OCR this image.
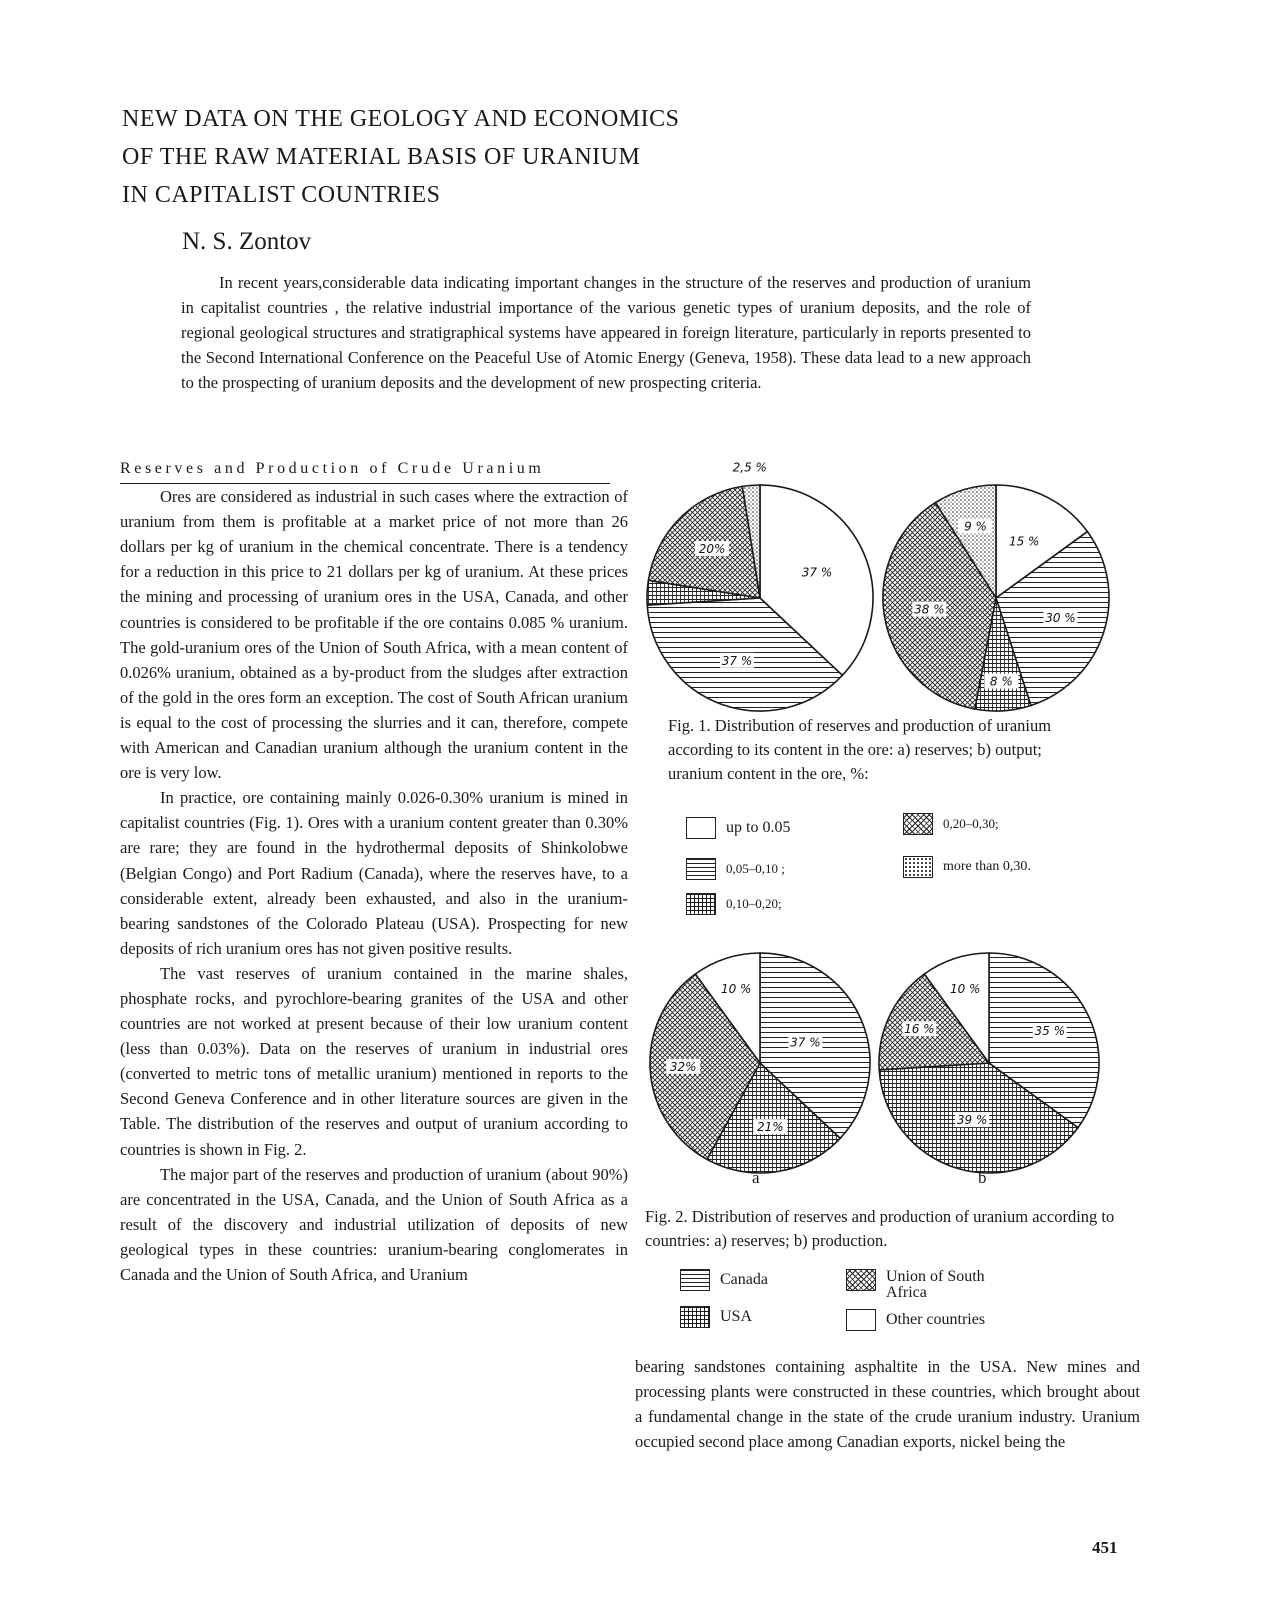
NEW DATA ON THE GEOLOGY AND ECONOMICS
OF THE RAW MATERIAL BASIS OF URANIUM
IN CAPITALIST COUNTRIES
N. S. Zontov

In recent years,considerable data indicating important changes in the structure of the reserves and production of uranium in capitalist countries , the relative industrial importance of the various genetic types of uranium deposits, and the role of regional geological structures and stratigraphical systems have appeared in foreign literature, particularly in reports presented to the Second International Conference on the Peaceful Use of Atomic Energy (Geneva, 1958). These data lead to a new approach to the prospecting of uranium deposits and the development of new prospecting criteria.

Reserves and Production of Crude Uranium

Ores are considered as industrial in such cases where the extraction of uranium from them is profitable at a market price of not more than 26 dollars per kg of uranium in the chemical concentrate. There is a tendency for a reduction in this price to 21 dollars per kg of uranium. At these prices the mining and processing of uranium ores in the USA, Canada, and other countries is considered to be profitable if the ore contains 0.085 % uranium. The gold-uranium ores of the Union of South Africa, with a mean content of 0.026% uranium, obtained as a by-product from the sludges after extraction of the gold in the ores form an exception. The cost of South African uranium is equal to the cost of processing the slurries and it can, therefore, compete with American and Canadian uranium although the uranium content in the ore is very low.

In practice, ore containing mainly 0.026-0.30% uranium is mined in capitalist countries (Fig. 1). Ores with a uranium content greater than 0.30% are rare; they are found in the hydrothermal deposits of Shinkolobwe (Belgian Congo) and Port Radium (Canada), where the reserves have, to a considerable extent, already been exhausted, and also in the uranium-bearing sandstones of the Colorado Plateau (USA). Prospecting for new deposits of rich uranium ores has not given positive results.

The vast reserves of uranium contained in the marine shales, phosphate rocks, and pyrochlore-bearing granites of the USA and other countries are not worked at present because of their low uranium content (less than 0.03%). Data on the reserves of uranium in industrial ores (converted to metric tons of metallic uranium) mentioned in reports to the Second Geneva Conference and in other literature sources are given in the Table. The distribution of the reserves and output of uranium according to countries is shown in Fig. 2.

The major part of the reserves and production of uranium (about 90%) are concentrated in the USA, Canada, and the Union of South Africa as a result of the discovery and industrial utilization of deposits of new geological types in these countries: uranium-bearing conglomerates in Canada and the Union of South Africa, and Uranium

37 %
37 %
20%
2,5 %
15 %
30 %
8 %
38 %
9 %
Fig. 1. Distribution of reserves and production of uranium according to its content in the ore: a) reserves; b) output; uranium content in the ore, %:
up to 0.05
0,05–0,10 ;
0,10–0,20;
0,20–0,30;
more than 0,30.
37 %
21%
32%
10 %
35 %
39 %
16 %
10 %
a	b
Fig. 2. Distribution of reserves and production of uranium according to countries: a) reserves; b) production.
Canada
USA
Union of South Africa
Other countries

bearing sandstones containing asphaltite in the USA. New mines and processing plants were constructed in these countries, which brought about a fundamental change in the state of the crude uranium industry. Uranium occupied second place among Canadian exports, nickel being the

451
